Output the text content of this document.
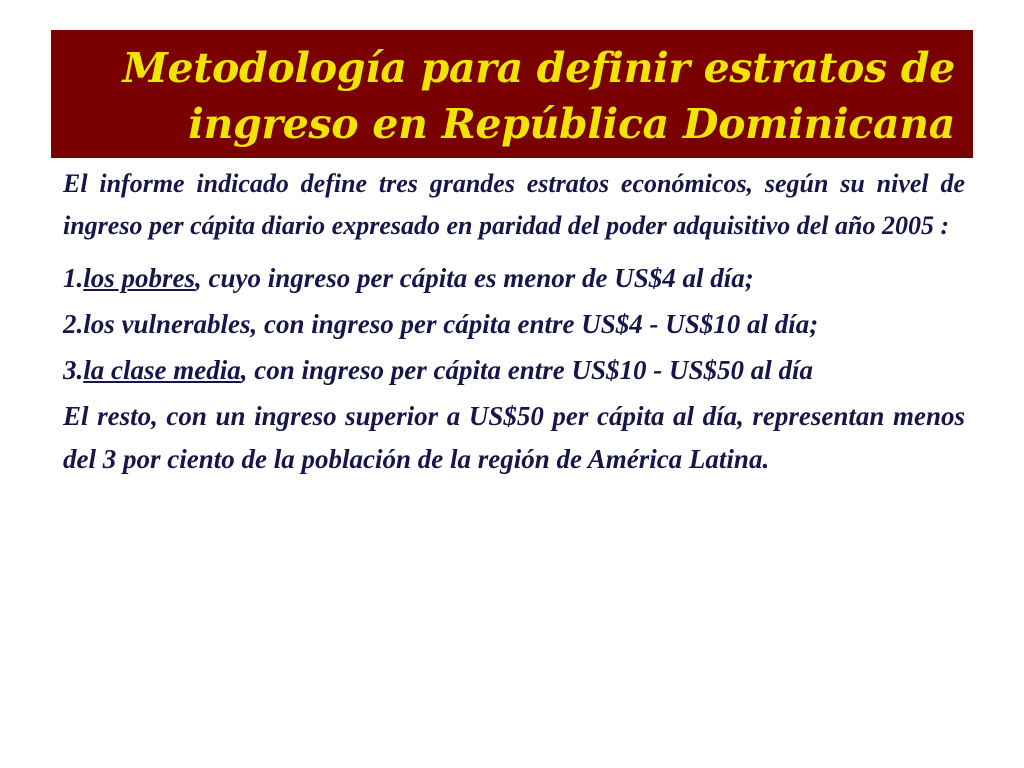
Metodología para definir estratos de
ingreso en República Dominicana

El informe indicado define tres grandes estratos económicos, según su nivel de ingreso per cápita diario expresado en paridad del poder adquisitivo del año 2005 :

1.los pobres, cuyo ingreso per cápita es menor de US$4 al día;

2.los vulnerables, con ingreso per cápita entre US$4 - US$10 al día;

3.la clase media, con ingreso per cápita entre US$10 - US$50 al día

El resto, con un ingreso superior a US$50 per cápita al día, representan menos del 3 por ciento de la población de la región de América Latina.
